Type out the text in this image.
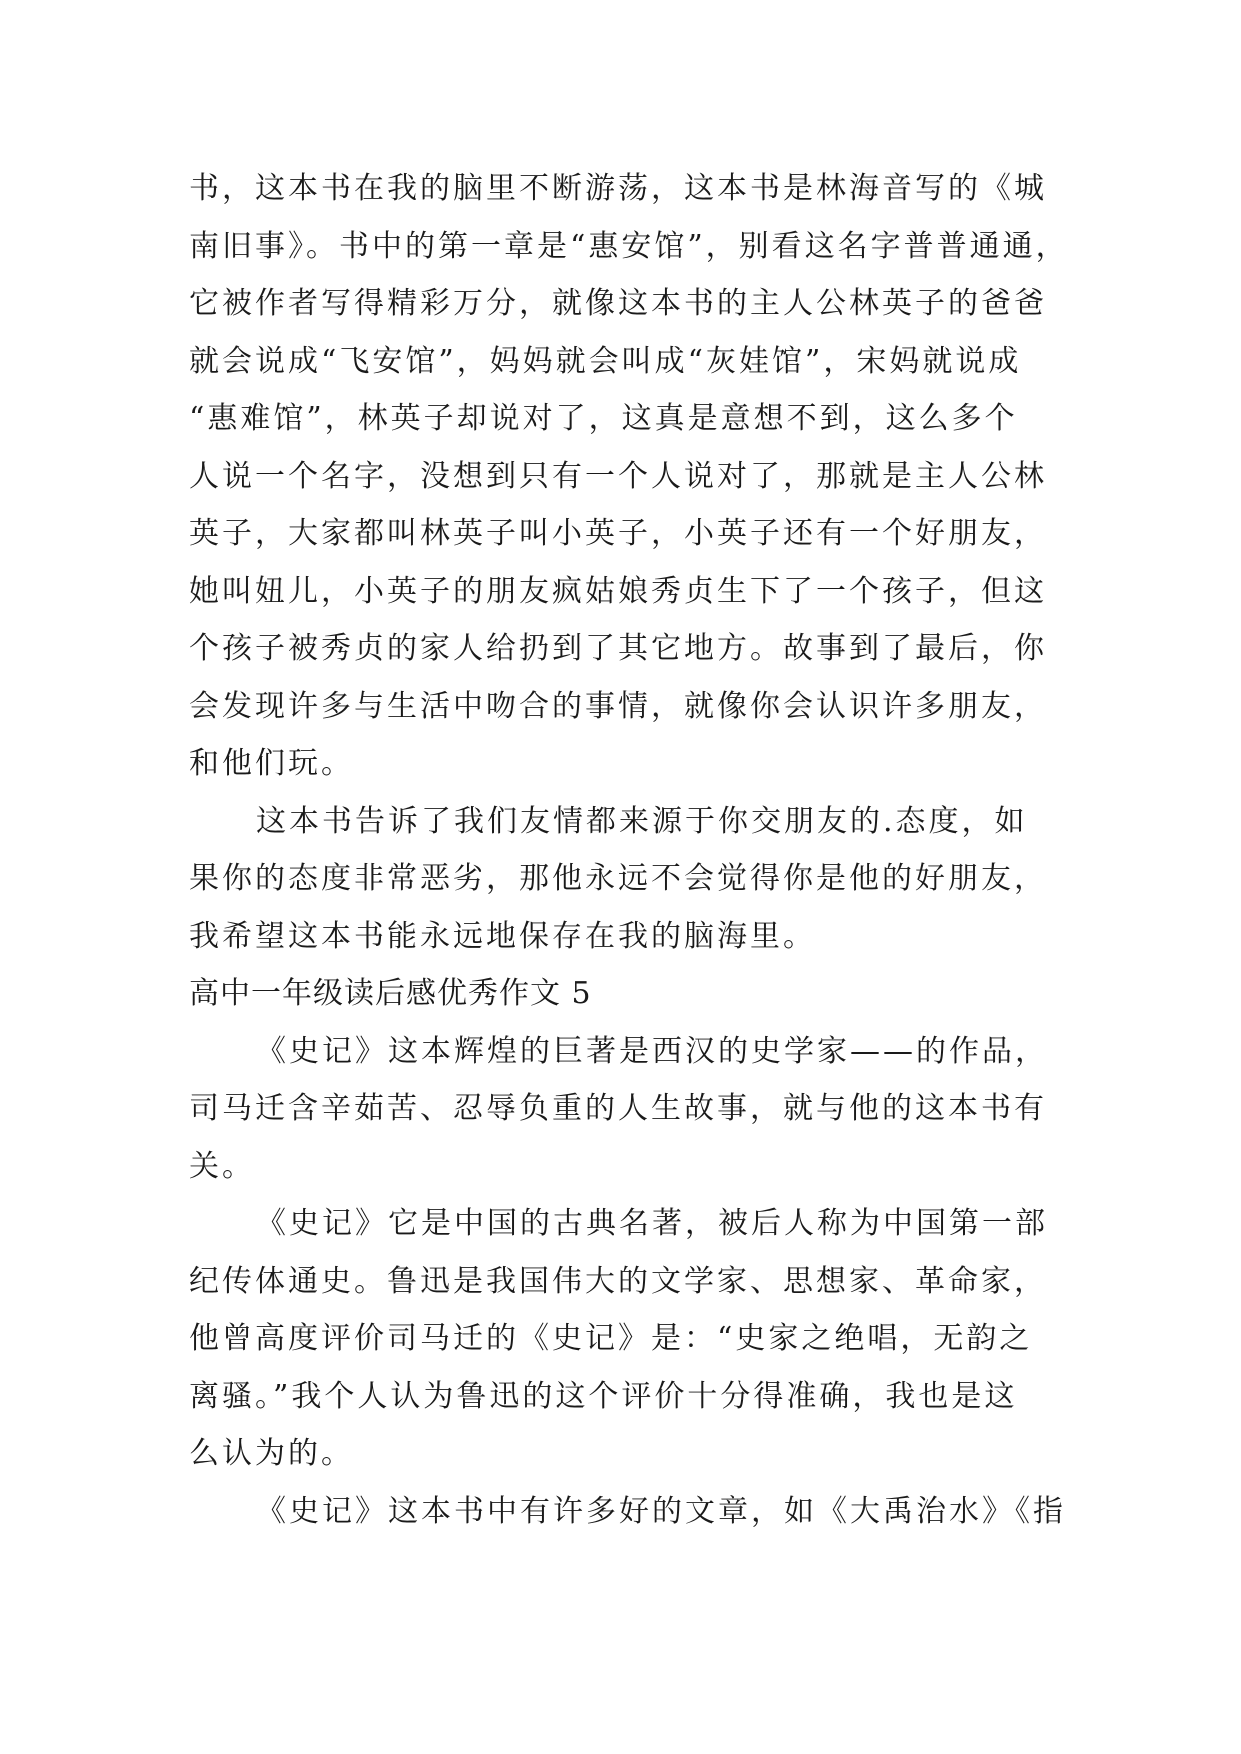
书，这本书在我的脑里不断游荡，这本书是林海音写的《城
南旧事》。书中的第一章是“惠安馆”，别看这名字普普通通，
它被作者写得精彩万分，就像这本书的主人公林英子的爸爸
就会说成“飞安馆”，妈妈就会叫成“灰娃馆”，宋妈就说成
“惠难馆”，林英子却说对了，这真是意想不到，这么多个
人说一个名字，没想到只有一个人说对了，那就是主人公林
英子，大家都叫林英子叫小英子，小英子还有一个好朋友，
她叫妞儿，小英子的朋友疯姑娘秀贞生下了一个孩子，但这
个孩子被秀贞的家人给扔到了其它地方。故事到了最后，你
会发现许多与生活中吻合的事情，就像你会认识许多朋友，
和他们玩。
这本书告诉了我们友情都来源于你交朋友的.态度，如
果你的态度非常恶劣，那他永远不会觉得你是他的好朋友，
我希望这本书能永远地保存在我的脑海里。
高中一年级读后感优秀作文 5
《史记》这本辉煌的巨著是西汉的史学家——的作品，
司马迁含辛茹苦、忍辱负重的人生故事，就与他的这本书有
关。
《史记》它是中国的古典名著，被后人称为中国第一部
纪传体通史。鲁迅是我国伟大的文学家、思想家、革命家，
他曾高度评价司马迁的《史记》是：“史家之绝唱，无韵之
离骚。”我个人认为鲁迅的这个评价十分得准确，我也是这
么认为的。
《史记》这本书中有许多好的文章，如《大禹治水》《指
